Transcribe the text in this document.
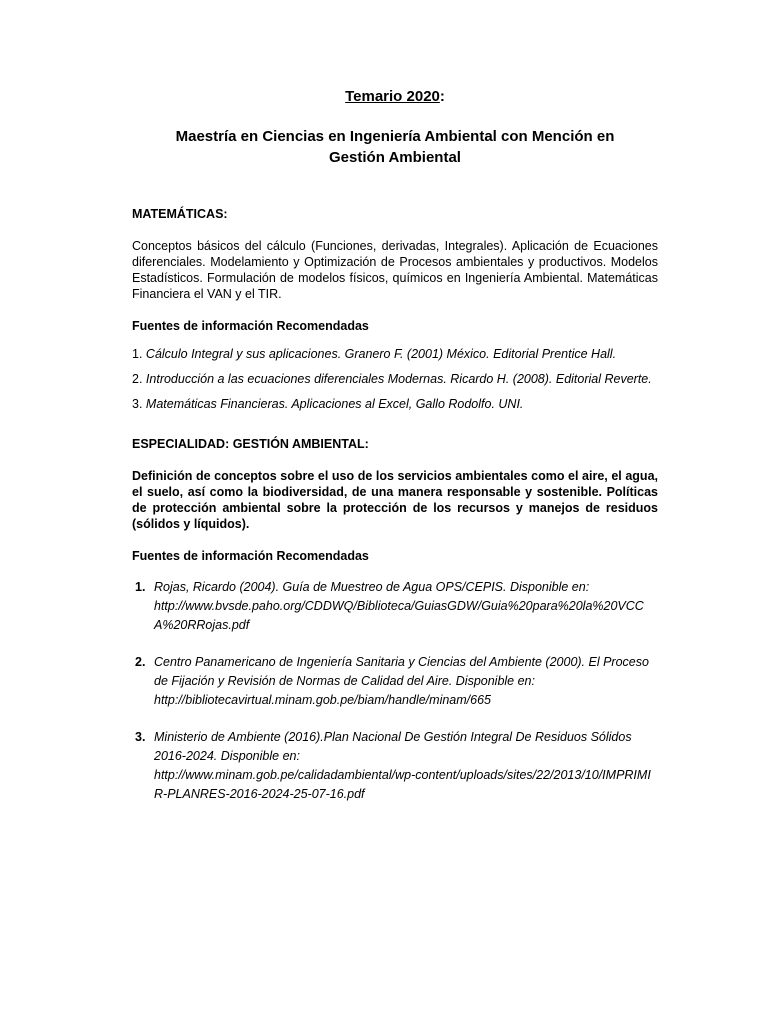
Temario 2020:

Maestría en Ciencias en Ingeniería Ambiental con Mención en
Gestión Ambiental

MATEMÁTICAS:

Conceptos básicos del cálculo (Funciones, derivadas, Integrales). Aplicación de Ecuaciones diferenciales. Modelamiento y Optimización de Procesos ambientales y productivos. Modelos Estadísticos. Formulación de modelos físicos, químicos en Ingeniería Ambiental. Matemáticas Financiera el VAN y el TIR.

Fuentes de información Recomendadas

1. Cálculo Integral y sus aplicaciones. Granero F. (2001) México. Editorial Prentice Hall.
2. Introducción a las ecuaciones diferenciales Modernas. Ricardo H. (2008). Editorial Reverte.
3. Matemáticas Financieras. Aplicaciones al Excel, Gallo Rodolfo. UNI.

ESPECIALIDAD: GESTIÓN AMBIENTAL:

Definición de conceptos sobre el uso de los servicios ambientales como el aire, el agua, el suelo, así como la biodiversidad, de una manera responsable y sostenible. Políticas de protección ambiental sobre la protección de los recursos y manejos de residuos (sólidos y líquidos).

Fuentes de información Recomendadas

1. Rojas, Ricardo (2004). Guía de Muestreo de Agua OPS/CEPIS. Disponible en:
http://www.bvsde.paho.org/CDDWQ/Biblioteca/GuiasGDW/Guia%20para%20la%20VCCA%20RRojas.pdf
2. Centro Panamericano de Ingeniería Sanitaria y Ciencias del Ambiente (2000). El Proceso de Fijación y Revisión de Normas de Calidad del Aire. Disponible en:
http://bibliotecavirtual.minam.gob.pe/biam/handle/minam/665
3. Ministerio de Ambiente (2016).Plan Nacional De Gestión Integral De Residuos Sólidos 2016-2024. Disponible en:
http://www.minam.gob.pe/calidadambiental/wp-content/uploads/sites/22/2013/10/IMPRIMIR-PLANRES-2016-2024-25-07-16.pdf
